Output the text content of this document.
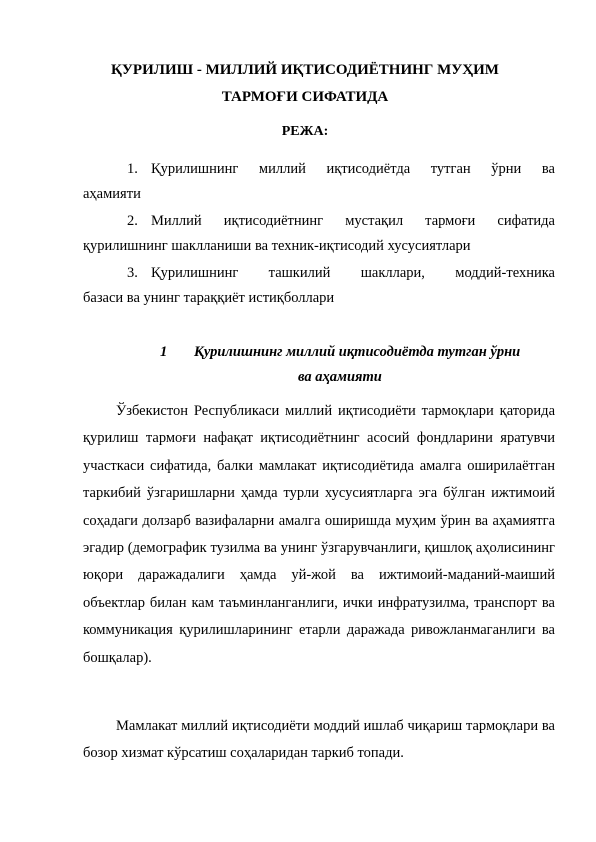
ҚУРИЛИШ - МИЛЛИЙ ИҚТИСОДИЁТНИНГ МУҲИМ
ТАРМОҒИ СИФАТИДА
РЕЖА:
1. Қурилишнинг миллий иқтисодиётда тутган ўрни ва
аҳамияти
2. Миллий иқтисодиётнинг мустақил тармоғи сифатида
қурилишнинг шаклланиши ва техник-иқтисодий хусусиятлари
3. Қурилишнинг ташкилий шакллари, моддий-техника
базаси ва унинг тараққиёт истиқболлари
1 Қурилишнинг миллий иқтисодиётда тутган ўрни
ва аҳамияти

Ўзбекистон Республикаси миллий иқтисодиёти тармоқлари қаторида қурилиш тармоғи нафақат иқтисодиётнинг асосий фондларини яратувчи участкаси сифатида, балки мамлакат иқтисодиётида амалга оширилаётган таркибий ўзгаришларни ҳамда турли хусусиятларга эга бўлган ижтимоий соҳадаги долзарб вазифаларни амалга оширишда муҳим ўрин ва аҳамиятга эгадир (демографик тузилма ва унинг ўзгарувчанлиги, қишлоқ аҳолисининг юқори даражадалиги ҳамда уй-жой ва ижтимоий-маданий-маиший объектлар билан кам таъминланганлиги, ички инфратузилма, транспорт ва коммуникация қурилишларининг етарли даражада ривожланмаганлиги ва бошқалар).

Мамлакат миллий иқтисодиёти моддий ишлаб чиқариш тармоқлари ва бозор хизмат кўрсатиш соҳаларидан таркиб топади.
